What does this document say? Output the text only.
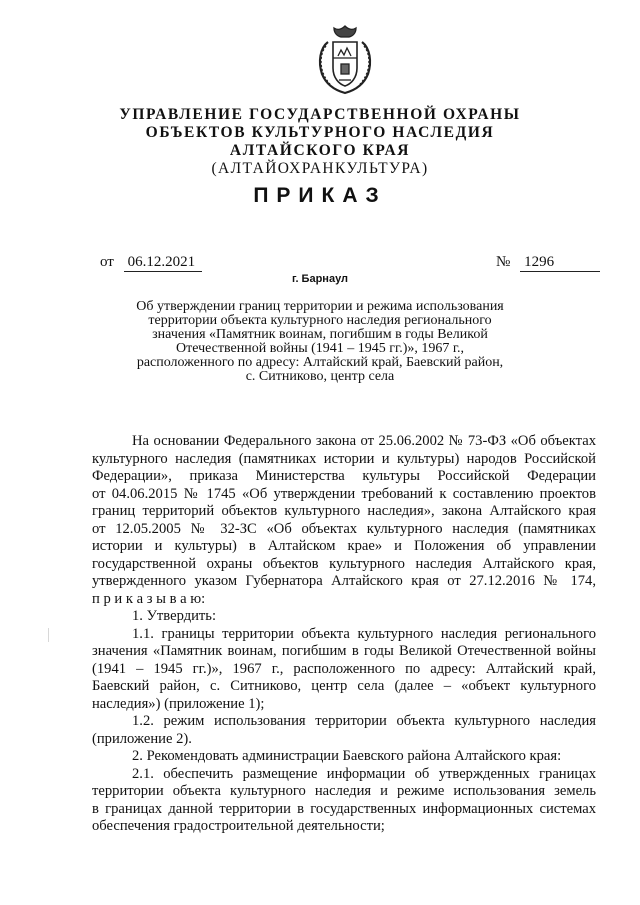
УПРАВЛЕНИЕ ГОСУДАРСТВЕННОЙ ОХРАНЫ
ОБЪЕКТОВ КУЛЬТУРНОГО НАСЛЕДИЯ
АЛТАЙСКОГО КРАЯ
(АЛТАЙОХРАНКУЛЬТУРА)
ПРИКАЗ
от 06.12.2021	№ 1296
г. Барнаул
Об утверждении границ территории и режима использования
территории объекта культурного наследия регионального
значения «Памятник воинам, погибшим в годы Великой
Отечественной войны (1941 – 1945 гг.)», 1967 г.,
расположенного по адресу: Алтайский край, Баевский район,
с. Ситниково, центр села
На основании Федерального закона от 25.06.2002 № 73-ФЗ «Об объектах
культурного наследия (памятниках истории и культуры) народов Российской
Федерации», приказа Министерства культуры Российской Федерации
от 04.06.2015 № 1745 «Об утверждении требований к составлению проектов
границ территорий объектов культурного наследия», закона Алтайского края
от 12.05.2005 № 32-ЗС «Об объектах культурного наследия (памятниках
истории и культуры) в Алтайском крае» и Положения об управлении
государственной охраны объектов культурного наследия Алтайского края,
утвержденного указом Губернатора Алтайского края от 27.12.2016 № 174,
п р и к а з ы в а ю:
1. Утвердить:
1.1. границы территории объекта культурного наследия регионального
значения «Памятник воинам, погибшим в годы Великой Отечественной войны
(1941 – 1945 гг.)», 1967 г., расположенного по адресу: Алтайский край,
Баевский район, с. Ситниково, центр села (далее – «объект культурного
наследия») (приложение 1);
1.2. режим использования территории объекта культурного наследия
(приложение 2).
2. Рекомендовать администрации Баевского района Алтайского края:
2.1. обеспечить размещение информации об утвержденных границах
территории объекта культурного наследия и режиме использования земель
в границах данной территории в государственных информационных системах
обеспечения градостроительной деятельности;
